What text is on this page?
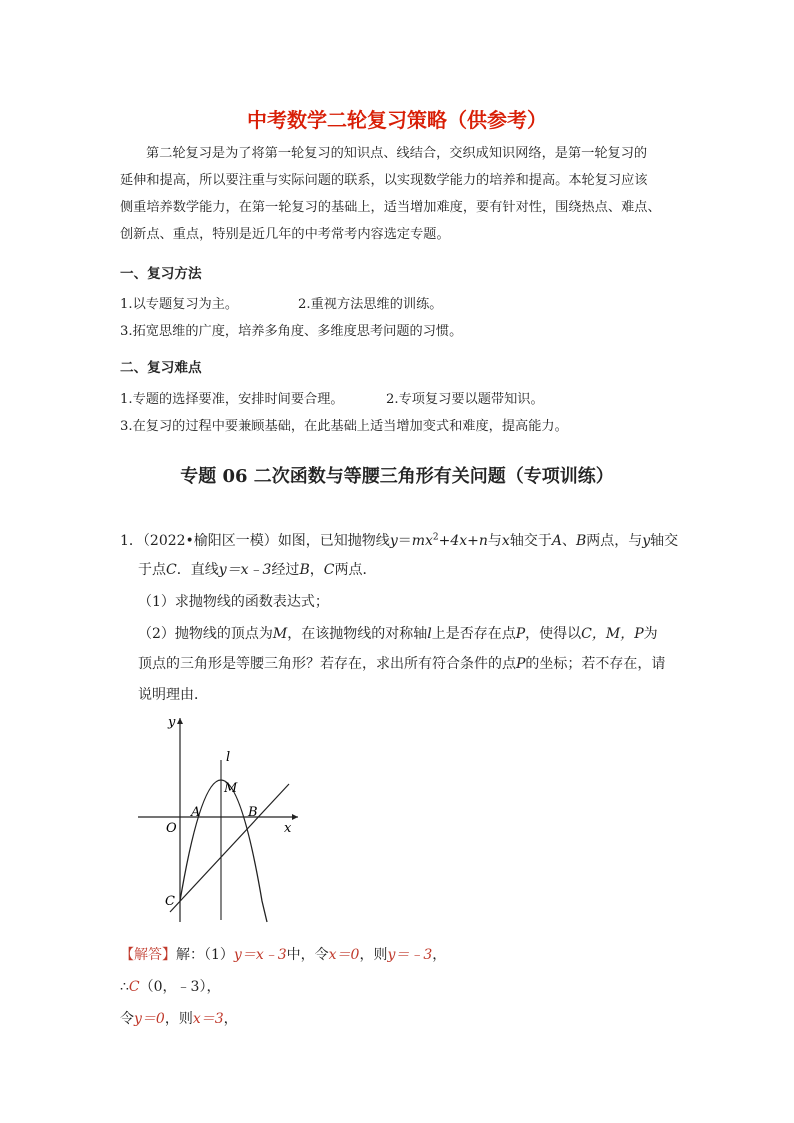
中考数学二轮复习策略（供参考）
第二轮复习是为了将第一轮复习的知识点、线结合，交织成知识网络，是第一轮复习的
延伸和提高，所以要注重与实际问题的联系，以实现数学能力的培养和提高。本轮复习应该
侧重培养数学能力，在第一轮复习的基础上，适当增加难度，要有针对性，围绕热点、难点、
创新点、重点，特别是近几年的中考常考内容选定专题。
一、复习方法
1.以专题复习为主。	2.重视方法思维的训练。
3.拓宽思维的广度，培养多角度、多维度思考问题的习惯。
二、复习难点
1.专题的选择要准，安排时间要合理。	2.专项复习要以题带知识。
3.在复习的过程中要兼顾基础，在此基础上适当增加变式和难度，提高能力。
专题 06 二次函数与等腰三角形有关问题（专项训练）
1．（2022•榆阳区一模）如图，已知抛物线$y=mx^2+4x+n$与x轴交于A、B两点，与y轴交
于点C．直线y＝x﹣3经过B，C两点．
（1）求抛物线的函数表达式；
（2）抛物线的顶点为M，在该抛物线的对称轴l上是否存在点P，使得以C，M，P为
顶点的三角形是等腰三角形？若存在，求出所有符合条件的点P的坐标；若不存在，请
说明理由．
y
l
M
A	B
O	x
C
【解答】解：（1）y＝x﹣3中，令x＝0，则y＝﹣3，
∴C（0，﹣3），
令y＝0，则x＝3，
